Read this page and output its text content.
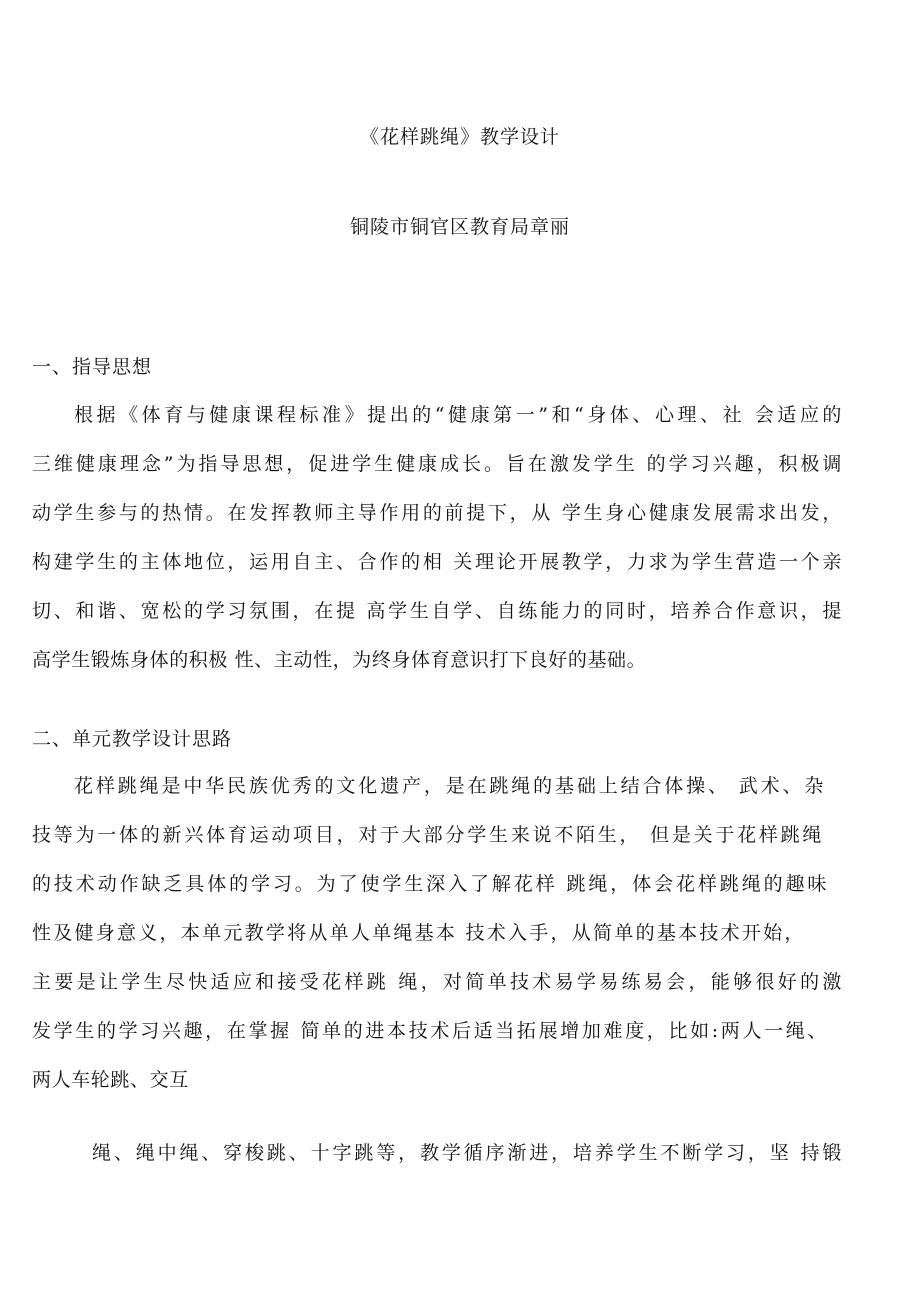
《花样跳绳》教学设计
铜陵市铜官区教育局章丽
一、指导思想
根据《体育与健康课程标准》提出的“健康第一”和“身体、心理、社 会适应的
三维健康理念”为指导思想，促进学生健康成长。旨在激发学生 的学习兴趣，积极调
动学生参与的热情。在发挥教师主导作用的前提下，从 学生身心健康发展需求出发，
构建学生的主体地位，运用自主、合作的相 关理论开展教学，力求为学生营造一个亲
切、和谐、宽松的学习氛围，在提 高学生自学、自练能力的同时，培养合作意识，提
高学生锻炼身体的积极 性、主动性，为终身体育意识打下良好的基础。
二、单元教学设计思路
花样跳绳是中华民族优秀的文化遗产，是在跳绳的基础上结合体操、 武术、杂
技等为一体的新兴体育运动项目，对于大部分学生来说不陌生， 但是关于花样跳绳
的技术动作缺乏具体的学习。为了使学生深入了解花样 跳绳，体会花样跳绳的趣味
性及健身意义，本单元教学将从单人单绳基本 技术入手，从简单的基本技术开始，
主要是让学生尽快适应和接受花样跳 绳，对简单技术易学易练易会，能够很好的激
发学生的学习兴趣，在掌握 简单的进本技术后适当拓展增加难度，比如:两人一绳、
两人车轮跳、交互
绳、绳中绳、穿梭跳、十字跳等，教学循序渐进，培养学生不断学习，坚 持锻
